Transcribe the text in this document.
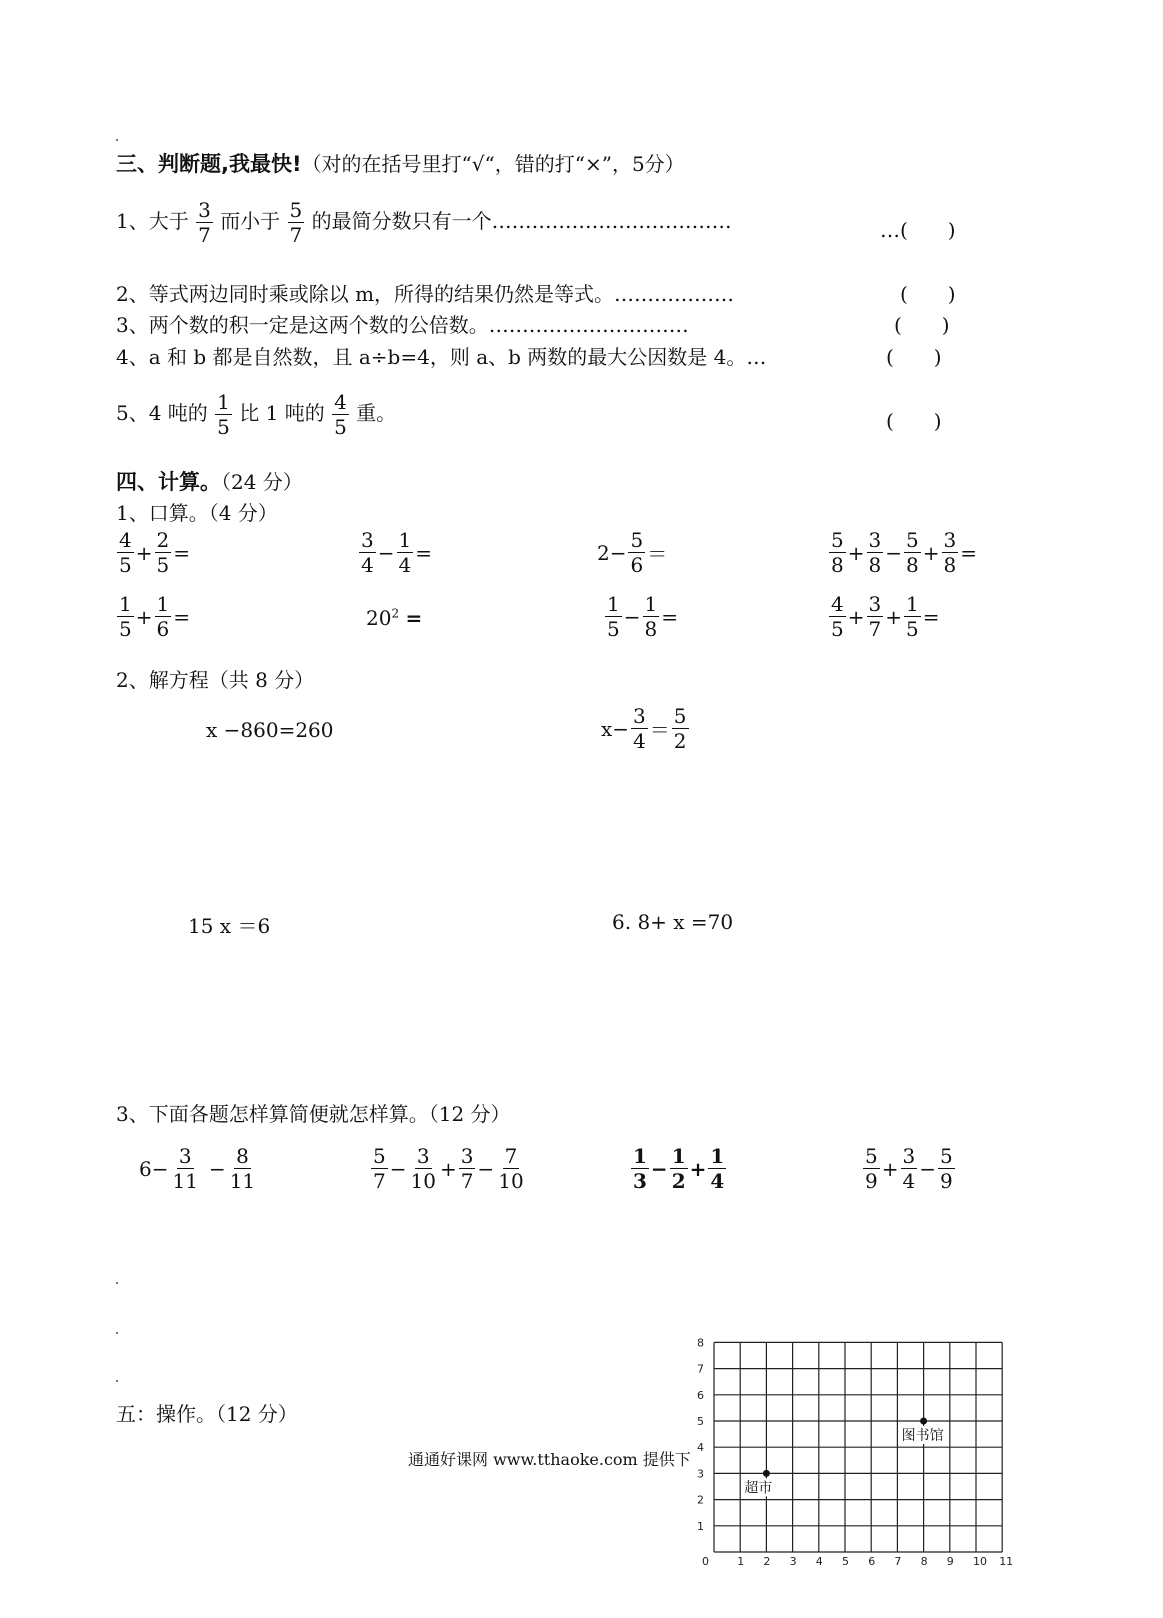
三、判断题,我最快!（对的在括号里打“√“，错的打“×”，5分）
1、大于 $\frac{3}{7}$ 而小于 $\frac{5}{7}$ 的最简分数只有一个………………………………	…(　　)
2、等式两边同时乘或除以 m，所得的结果仍然是等式。………………	(　　)
3、两个数的积一定是这两个数的公倍数。…………………………	(　　)
4、a 和 b 都是自然数，且 a÷b=4，则 a、b 两数的最大公因数是 4。…	(　　)
5、4 吨的 $\frac{1}{5}$ 比 1 吨的 $\frac{4}{5}$ 重。	(　　)
四、计算。（24 分）
1、口算。（4 分）
$\frac{4}{5} + \frac{2}{5}$ =	$\frac{3}{4} - \frac{1}{4}$ =	$2- \frac{5}{6}$ ＝	$\frac{5}{8} + \frac{3}{8} - \frac{5}{8} + \frac{3}{8}$ =
$\frac{1}{5} + \frac{1}{6}$ =	$20^2$ =	$\frac{1}{5} - \frac{1}{8}$ =	$\frac{4}{5} + \frac{3}{7} + \frac{1}{5}$ =
2、解方程（共 8 分）
x −860=260	$x- \frac{3}{4} = \frac{5}{2}$
15 x ＝6	6. 8+ x =70
3、下面各题怎样算简便就怎样算。（12 分）
$6- \frac{3}{11} - \frac{8}{11}$	$\frac{5}{7} - \frac{3}{10} + \frac{3}{7} - \frac{7}{10}$	$\frac{1}{3} - \frac{1}{2} + \frac{1}{4}$	$\frac{5}{9} + \frac{3}{4} - \frac{5}{9}$
五：操作。（12 分）
通通好课网 www.tthaoke.com 提供下
0	1 2 3 4 5 6 7 8 9 10 11
1
2
3
4
5
6
7
8
图书馆
超市
